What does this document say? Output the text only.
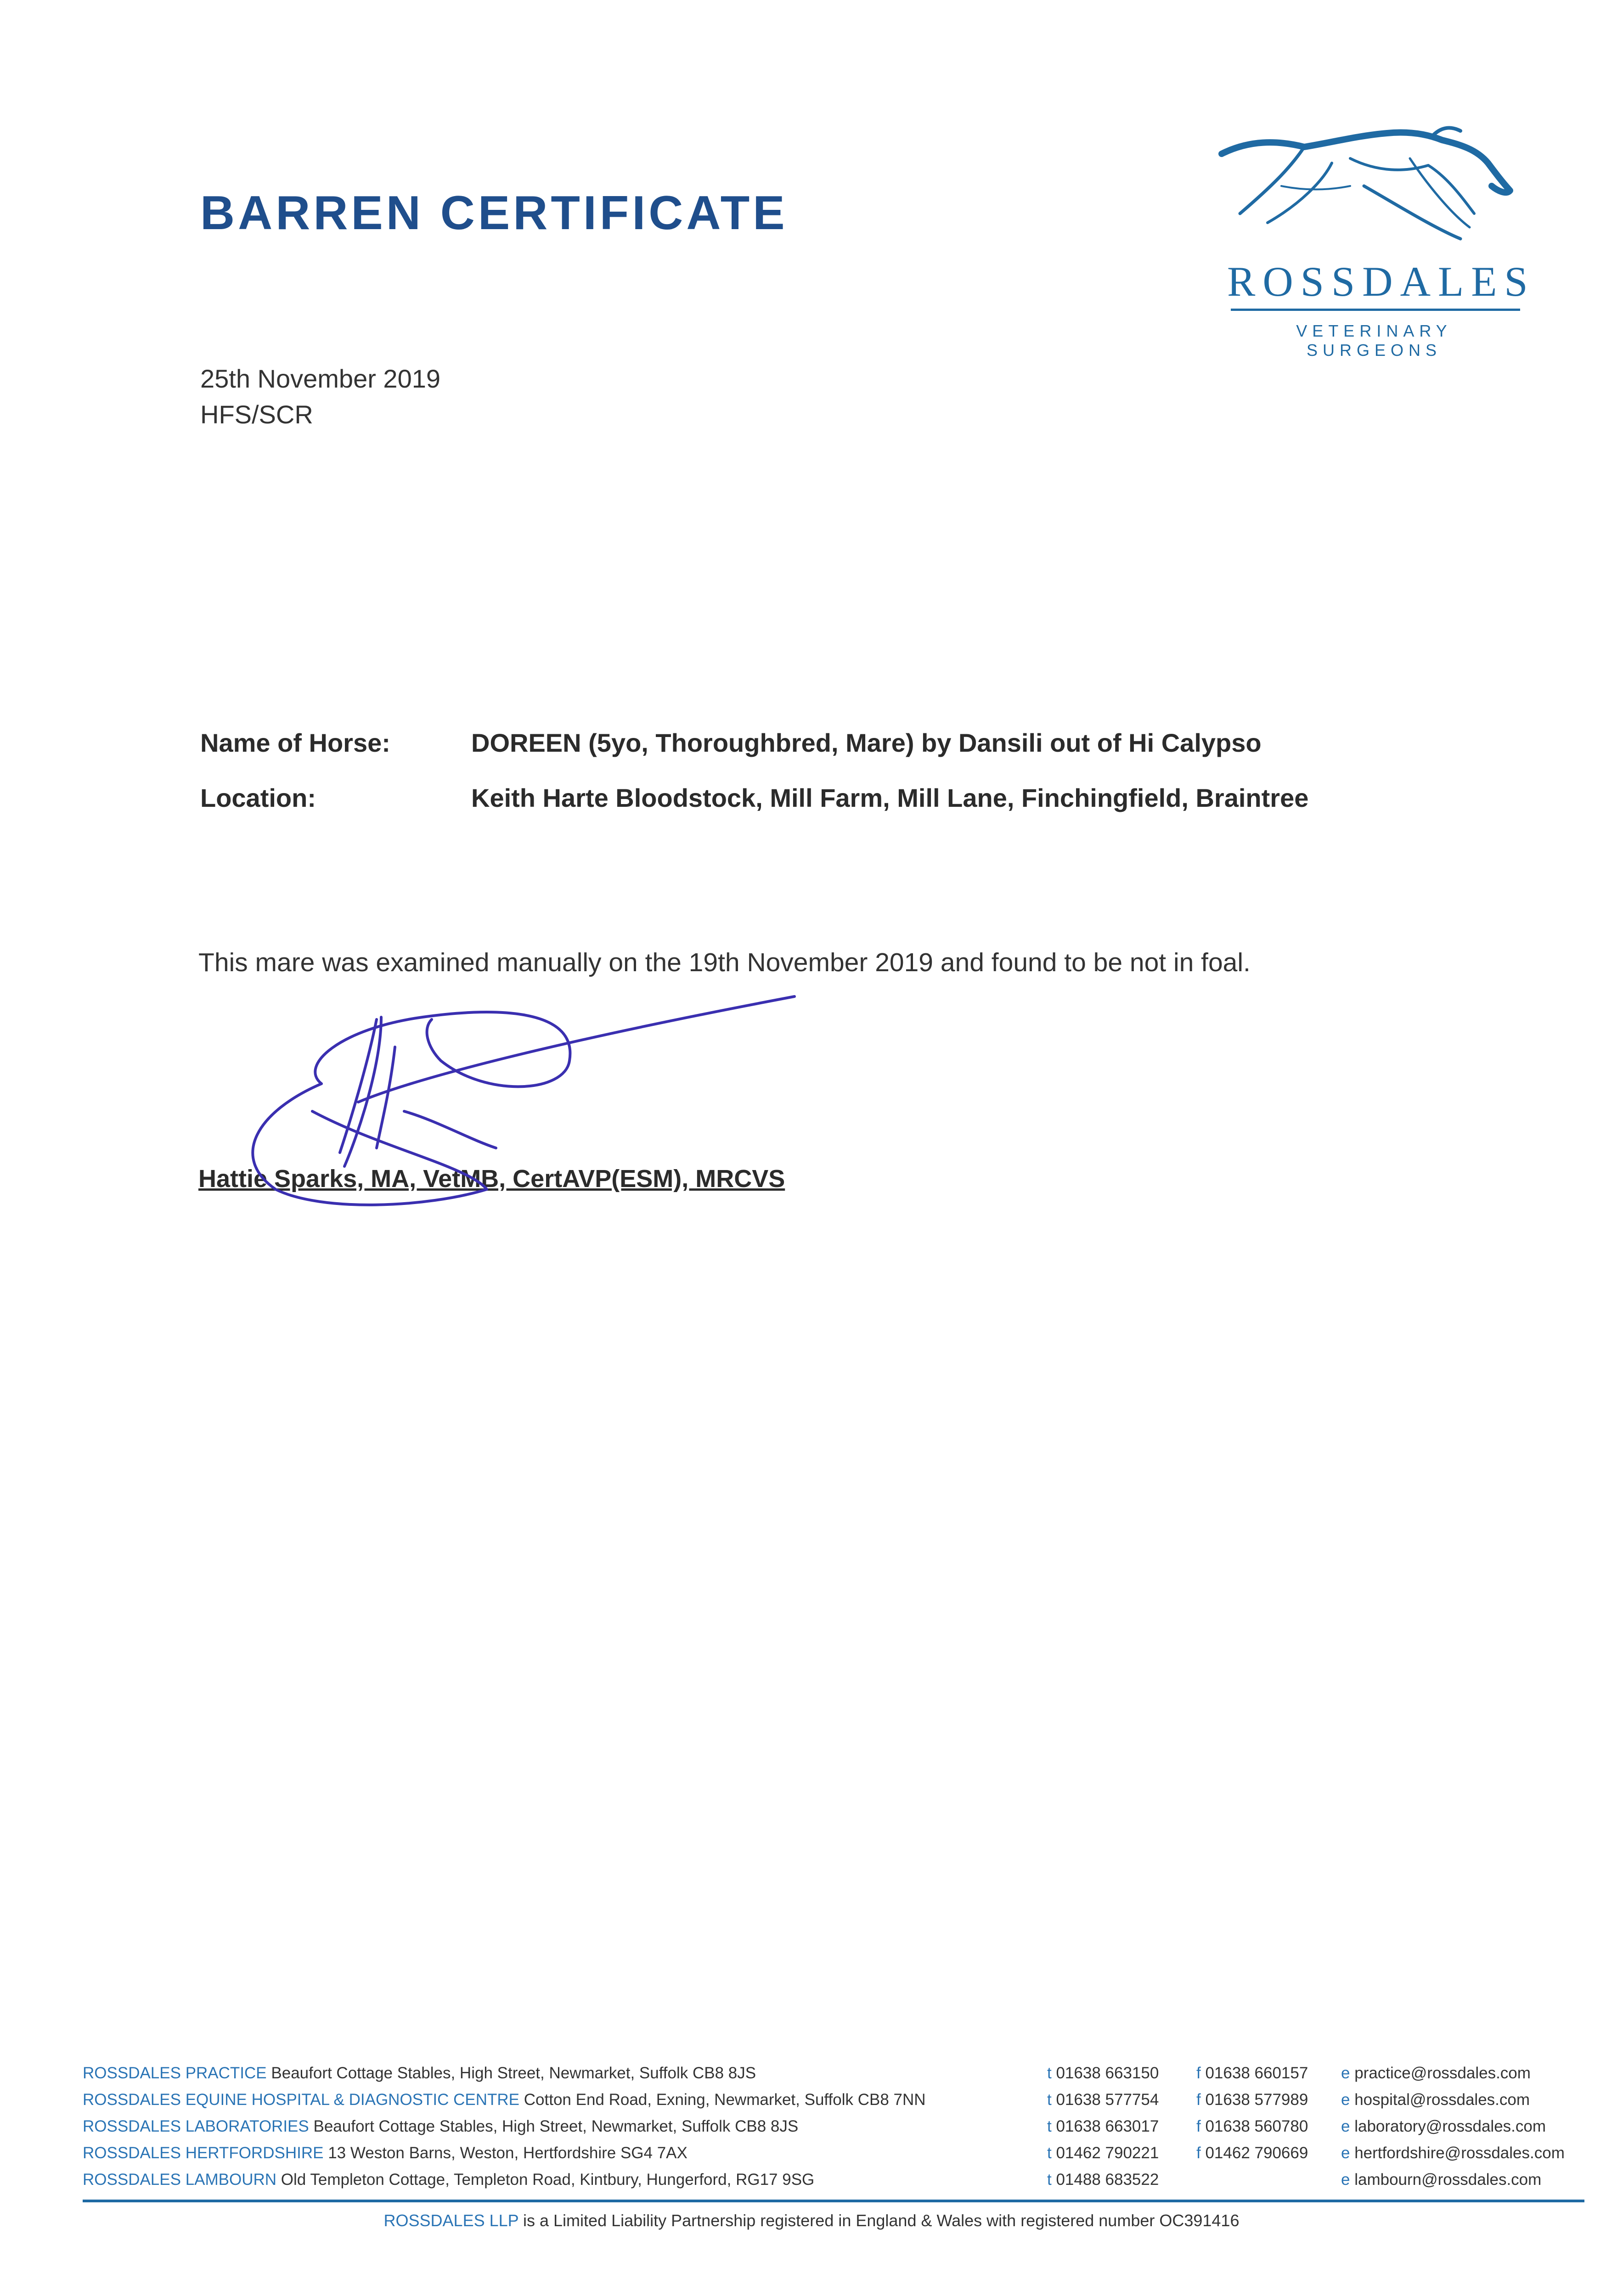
BARREN CERTIFICATE
ROSSDALES
VETERINARY SURGEONS
25th November 2019
HFS/SCR
Name of Horse:	DOREEN (5yo, Thoroughbred, Mare) by Dansili out of Hi Calypso
Location:	Keith Harte Bloodstock, Mill Farm, Mill Lane, Finchingfield, Braintree
This mare was examined manually on the 19th November 2019 and found to be not in foal.
Hattie Sparks, MA, VetMB, CertAVP(ESM), MRCVS
ROSSDALES PRACTICE Beaufort Cottage Stables, High Street, Newmarket, Suffolk CB8 8JS	t 01638 663150 f 01638 660157 e practice@rossdales.com
ROSSDALES EQUINE HOSPITAL & DIAGNOSTIC CENTRE Cotton End Road, Exning, Newmarket, Suffolk CB8 7NN	t 01638 577754 f 01638 577989 e hospital@rossdales.com
ROSSDALES LABORATORIES Beaufort Cottage Stables, High Street, Newmarket, Suffolk CB8 8JS	t 01638 663017 f 01638 560780 e laboratory@rossdales.com
ROSSDALES HERTFORDSHIRE 13 Weston Barns, Weston, Hertfordshire SG4 7AX	t 01462 790221 f 01462 790669 e hertfordshire@rossdales.com
ROSSDALES LAMBOURN Old Templeton Cottage, Templeton Road, Kintbury, Hungerford, RG17 9SG	t 01488 683522	e lambourn@rossdales.com
ROSSDALES LLP is a Limited Liability Partnership registered in England & Wales with registered number OC391416
